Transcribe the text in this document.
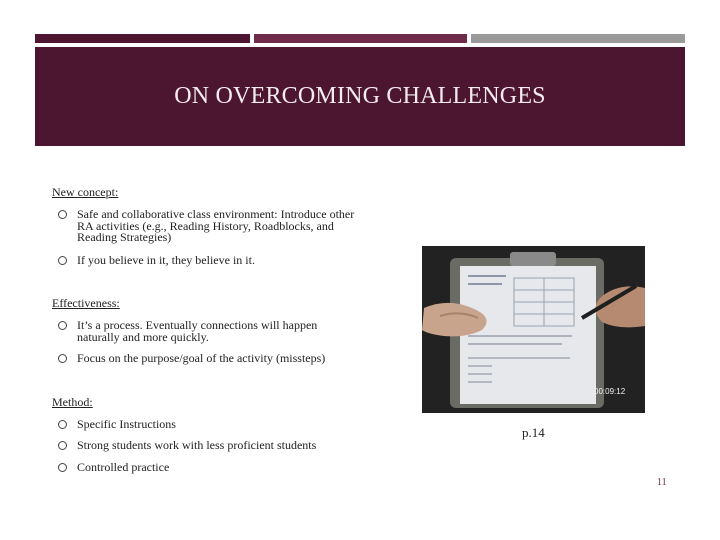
ON OVERCOMING CHALLENGES
New concept:
Safe and collaborative class environment: Introduce other RA activities (e.g., Reading History, Roadblocks, and Reading Strategies)
If you believe in it, they believe in it.
Effectiveness:
It’s a process. Eventually connections will happen naturally and more quickly.
Focus on the purpose/goal of the activity (missteps)
Method:
Specific Instructions
Strong students work with less proficient students
Controlled practice
00:09:12
p.14
11
